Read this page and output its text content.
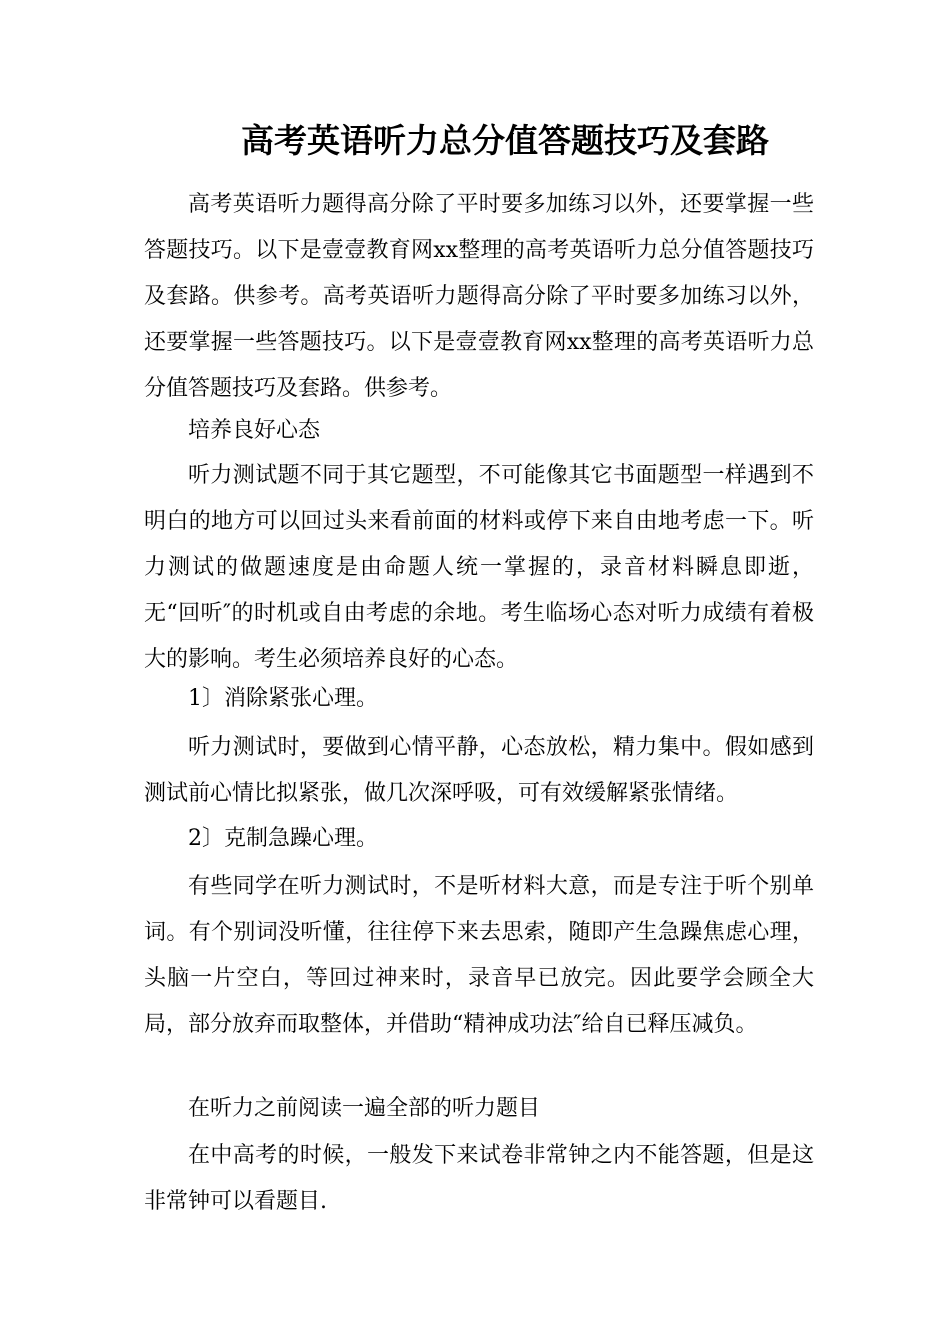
高考英语听力总分值答题技巧及套路

高考英语听力题得高分除了平时要多加练习以外，还要掌握一些答题技巧。以下是壹壹教育网xx整理的高考英语听力总分值答题技巧及套路。供参考。高考英语听力题得高分除了平时要多加练习以外，还要掌握一些答题技巧。以下是壹壹教育网xx整理的高考英语听力总分值答题技巧及套路。供参考。

培养良好心态

听力测试题不同于其它题型，不可能像其它书面题型一样遇到不明白的地方可以回过头来看前面的材料或停下来自由地考虑一下。听力测试的做题速度是由命题人统一掌握的，录音材料瞬息即逝，无“回听″的时机或自由考虑的余地。考生临场心态对听力成绩有着极大的影响。考生必须培养良好的心态。

1〕消除紧张心理。

听力测试时，要做到心情平静，心态放松，精力集中。假如感到测试前心情比拟紧张，做几次深呼吸，可有效缓解紧张情绪。

2〕克制急躁心理。

有些同学在听力测试时，不是听材料大意，而是专注于听个别单词。有个别词没听懂，往往停下来去思索，随即产生急躁焦虑心理，头脑一片空白，等回过神来时，录音早已放完。因此要学会顾全大局，部分放弃而取整体，并借助“精神成功法″给自已释压减负。

在听力之前阅读一遍全部的听力题目

在中高考的时候，一般发下来试卷非常钟之内不能答题，但是这非常钟可以看题目.
